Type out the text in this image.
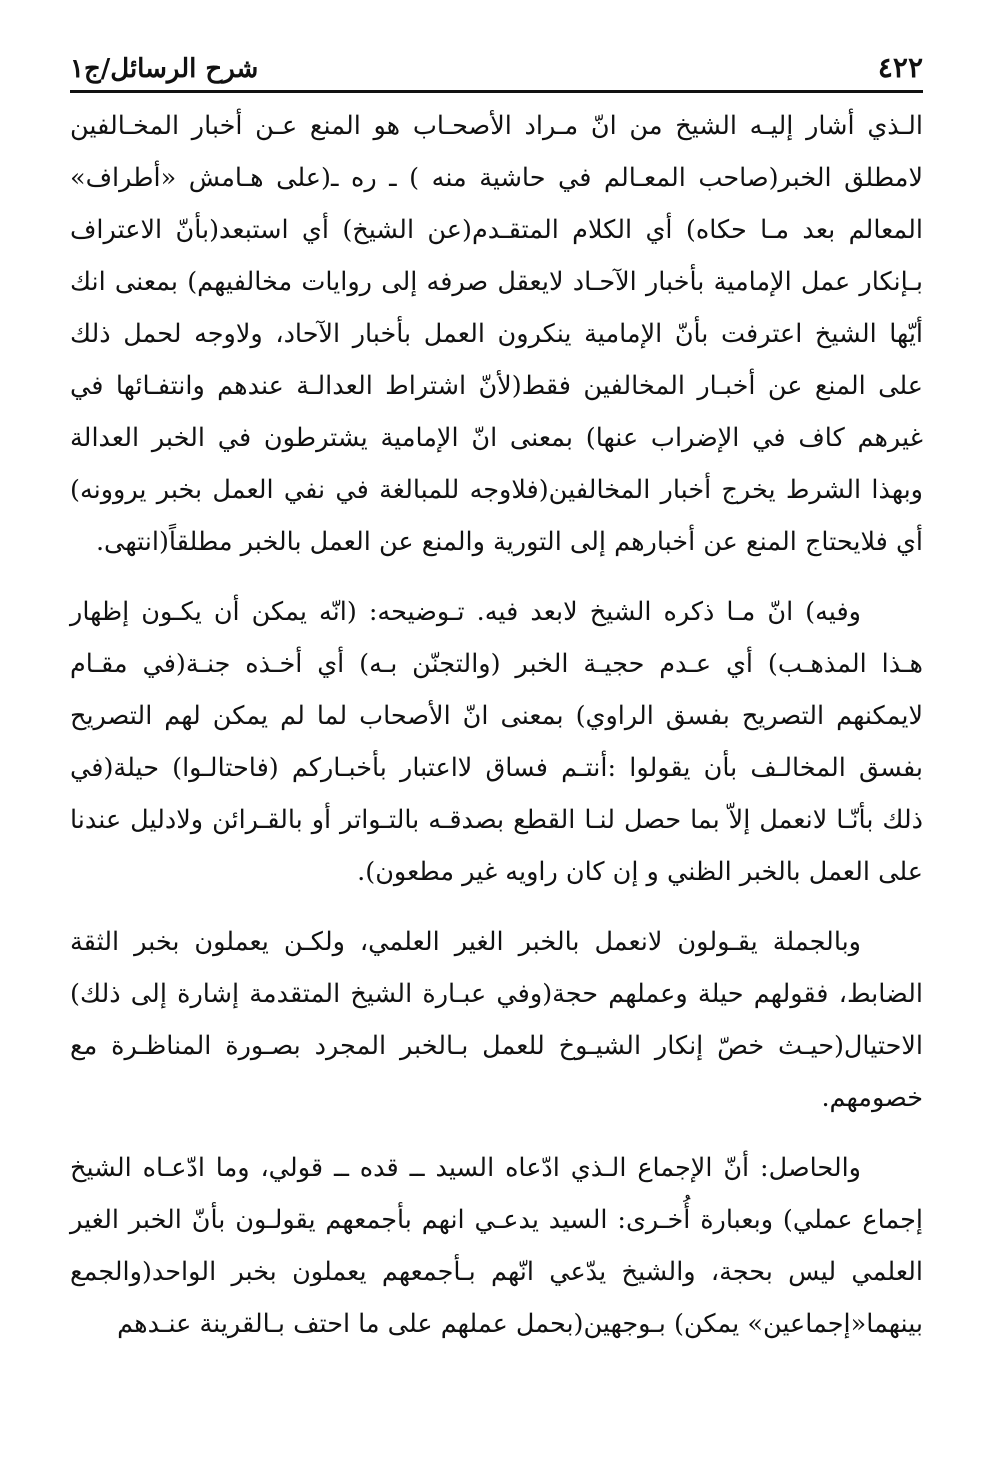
٤٢٢
شرح الرسائل/ج١

الـذي أشار إليـه الشيخ من انّ مـراد الأصحـاب هو المنع عـن أخبار المخـالفين لامطلق الخبر(صاحب المعـالم في حاشية منه ) ـ ره ـ(على هـامش «أطراف» المعالم بعد مـا حكاه) أي الكلام المتقـدم(عن الشيخ) أي استبعد(بأنّ الاعتراف بـإنكار عمل الإمامية بأخبار الآحـاد لايعقل صرفه إلى روايات مخالفيهم) بمعنى انك أيّها الشيخ اعترفت بأنّ الإمامية ينكرون العمل بأخبار الآحاد، ولاوجه لحمل ذلك على المنع عن أخبـار المخالفين فقط(لأنّ اشتراط العدالـة عندهم وانتفـائها في غيرهم كاف في الإضراب عنها) بمعنى انّ الإمامية يشترطون في الخبر العدالة وبهذا الشرط يخرج أخبار المخالفين(فلاوجه للمبالغة في نفي العمل بخبر يروونه) أي فلايحتاج المنع عن أخبارهم إلى التورية والمنع عن العمل بالخبر مطلقاً(انتهى.

وفيه) انّ مـا ذكره الشيخ لابعد فيه. تـوضيحه: (انّه يمكن أن يكـون إظهار هـذا المذهـب) أي عـدم حجيـة الخبر (والتجنّن بـه) أي أخـذه جنـة(في مقـام لايمكنهم التصريح بفسق الراوي) بمعنى انّ الأصحاب لما لم يمكن لهم التصريح بفسق المخالـف بأن يقولوا :أنتـم فساق لااعتبار بأخبـاركم (فاحتالـوا) حيلة(في ذلك بأنّـا لانعمل إلاّ بما حصل لنـا القطع بصدقـه بالتـواتر أو بالقـرائن ولادليل عندنا على العمل بالخبر الظني و إن كان راويه غير مطعون).

وبالجملة يقـولون لانعمل بالخبر الغير العلمي، ولكـن يعملون بخبر الثقة الضابط، فقولهم حيلة وعملهم حجة(وفي عبـارة الشيخ المتقدمة إشارة إلى ذلك) الاحتيال(حيـث خصّ إنكار الشيـوخ للعمل بـالخبر المجرد بصـورة المناظـرة مع خصومهم.

والحاصل: أنّ الإجماع الـذي ادّعاه السيد ــ قده ــ قولي، وما ادّعـاه الشيخ إجماع عملي) وبعبارة أُخـرى: السيد يدعـي انهم بأجمعهم يقولـون بأنّ الخبر الغير العلمي ليس بحجة، والشيخ يدّعي انّهم بـأجمعهم يعملون بخبر الواحد(والجمع بينهما«إجماعين» يمكن) بـوجهين(بحمل عملهم على ما احتف بـالقرينة عنـدهم
